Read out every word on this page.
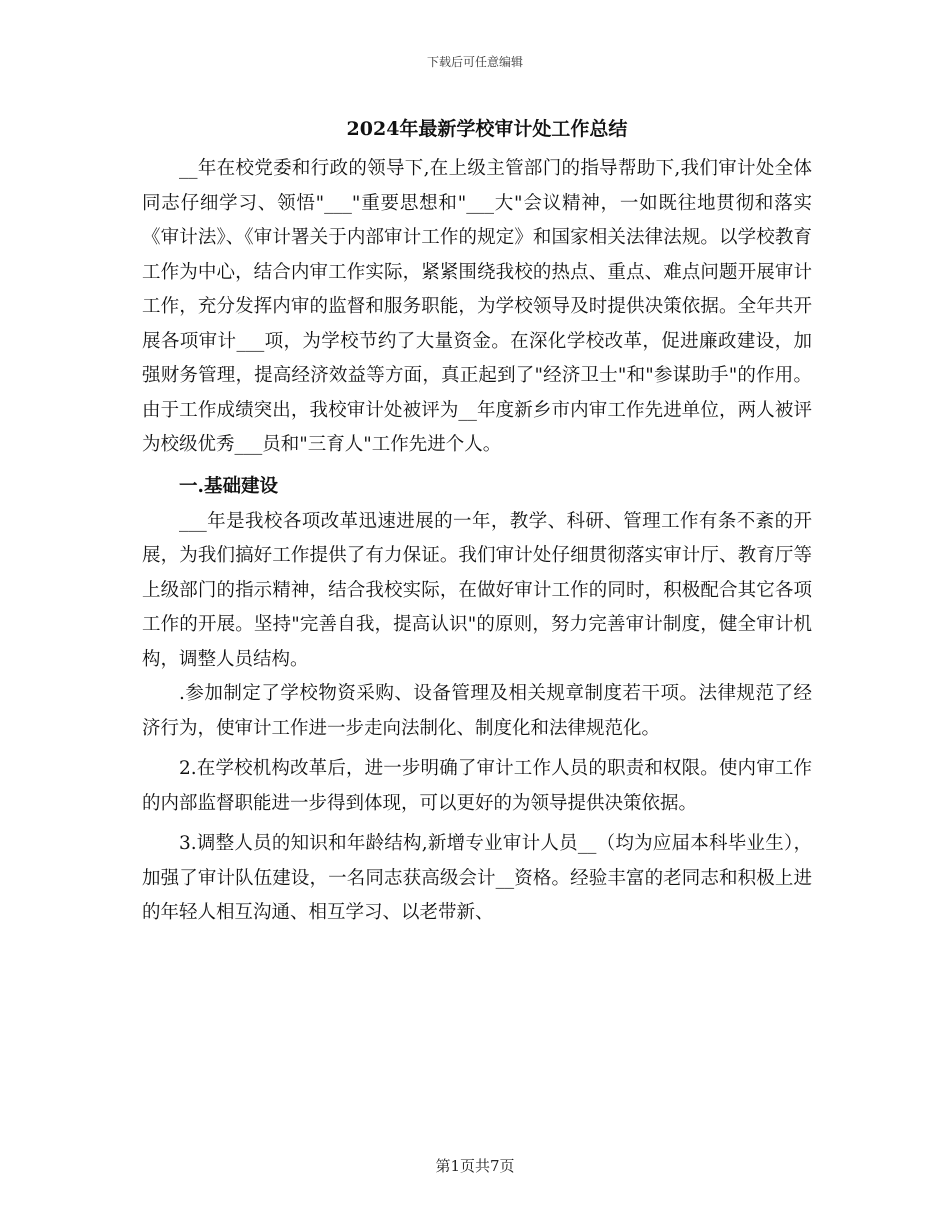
下载后可任意编辑
2024年最新学校审计处工作总结

__年在校党委和行政的领导下,在上级主管部门的指导帮助下,我们审计处全体同志仔细学习、领悟"___"重要思想和"___大"会议精神，一如既往地贯彻和落实《审计法》、《审计署关于内部审计工作的规定》和国家相关法律法规。以学校教育工作为中心，结合内审工作实际，紧紧围绕我校的热点、重点、难点问题开展审计工作，充分发挥内审的监督和服务职能，为学校领导及时提供决策依据。全年共开展各项审计___项，为学校节约了大量资金。在深化学校改革，促进廉政建设，加强财务管理，提高经济效益等方面，真正起到了"经济卫士"和"参谋助手"的作用。由于工作成绩突出，我校审计处被评为__年度新乡市内审工作先进单位，两人被评为校级优秀___员和"三育人"工作先进个人。

一.基础建设

___年是我校各项改革迅速进展的一年，教学、科研、管理工作有条不紊的开展，为我们搞好工作提供了有力保证。我们审计处仔细贯彻落实审计厅、教育厅等上级部门的指示精神，结合我校实际，在做好审计工作的同时，积极配合其它各项工作的开展。坚持"完善自我，提高认识"的原则，努力完善审计制度，健全审计机构，调整人员结构。

.参加制定了学校物资采购、设备管理及相关规章制度若干项。法律规范了经济行为，使审计工作进一步走向法制化、制度化和法律规范化。

2.在学校机构改革后，进一步明确了审计工作人员的职责和权限。使内审工作的内部监督职能进一步得到体现，可以更好的为领导提供决策依据。

3.调整人员的知识和年龄结构,新增专业审计人员__（均为应届本科毕业生），加强了审计队伍建设，一名同志获高级会计__资格。经验丰富的老同志和积极上进的年轻人相互沟通、相互学习、以老带新、

第1页共7页
